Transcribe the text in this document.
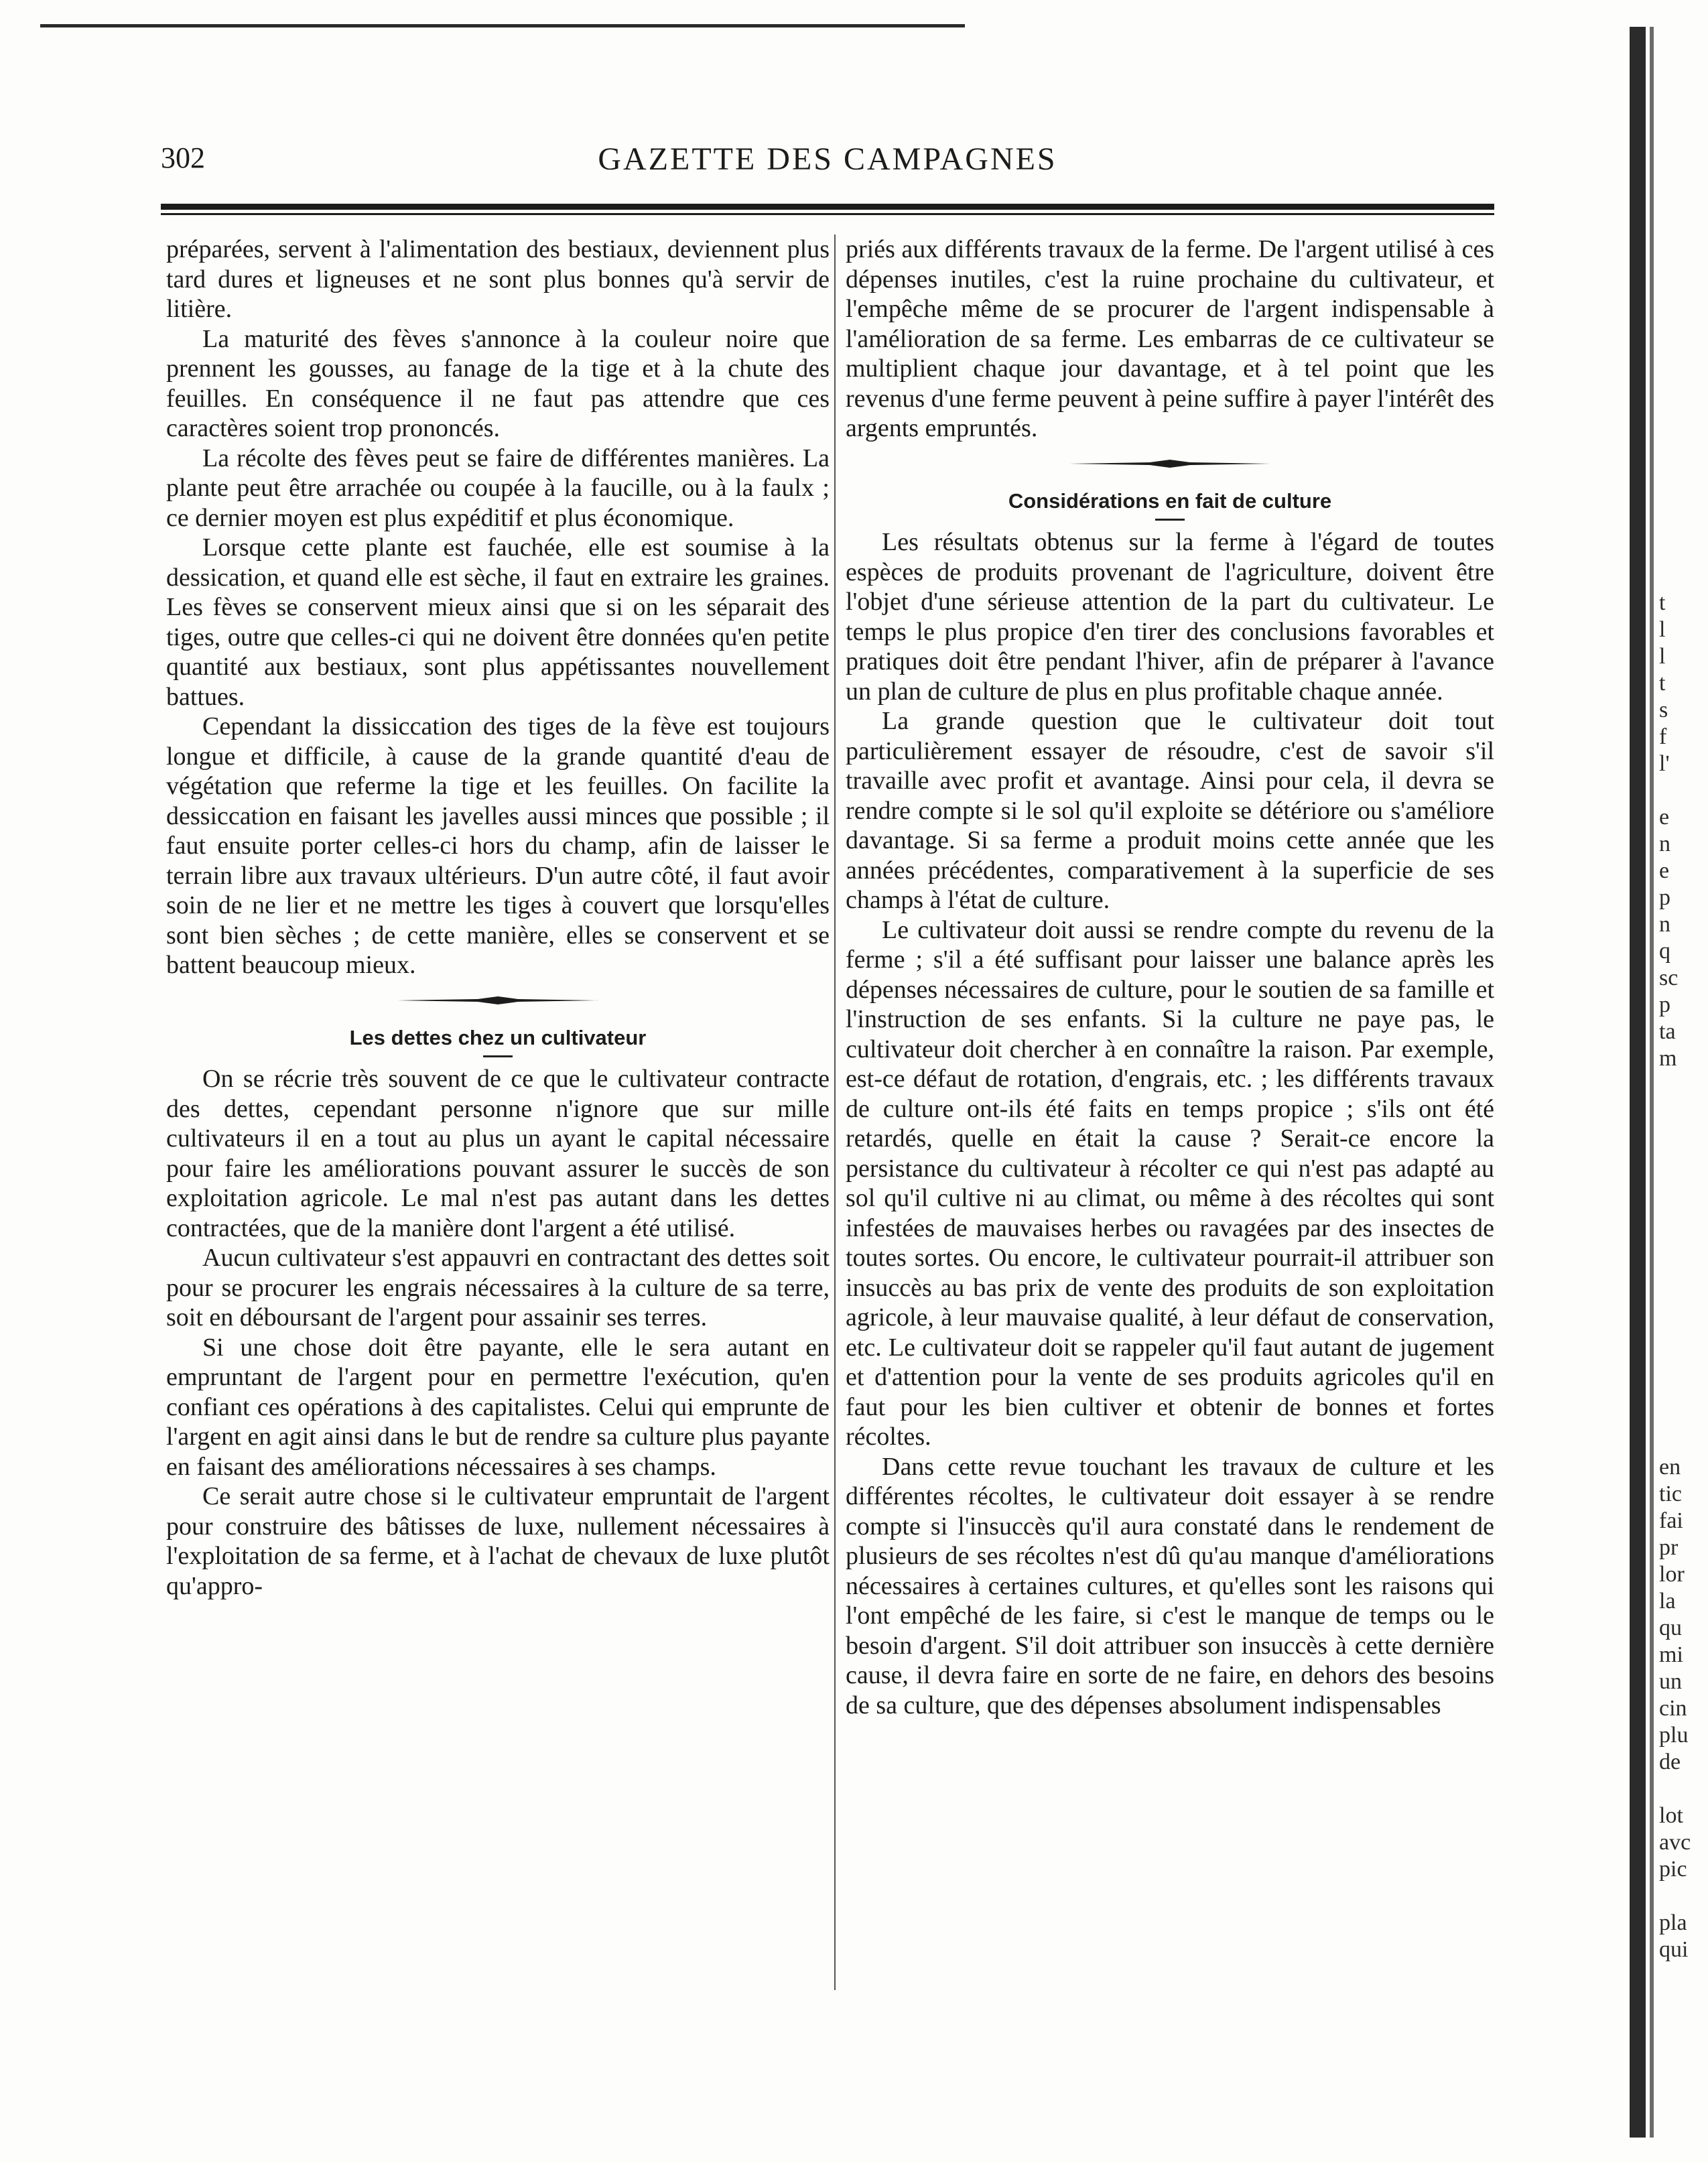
302	GAZETTE DES CAMPAGNES

préparées, servent à l'alimentation des bestiaux, deviennent plus tard dures et ligneuses et ne sont plus bonnes qu'à servir de litière.

La maturité des fèves s'annonce à la couleur noire que prennent les gousses, au fanage de la tige et à la chute des feuilles. En conséquence il ne faut pas attendre que ces caractères soient trop prononcés.

La récolte des fèves peut se faire de différentes manières. La plante peut être arrachée ou coupée à la faucille, ou à la faulx ; ce dernier moyen est plus expéditif et plus économique.

Lorsque cette plante est fauchée, elle est soumise à la dessication, et quand elle est sèche, il faut en extraire les graines. Les fèves se conservent mieux ainsi que si on les séparait des tiges, outre que celles-ci qui ne doivent être données qu'en petite quantité aux bestiaux, sont plus appétissantes nouvellement battues.

Cependant la dissiccation des tiges de la fève est toujours longue et difficile, à cause de la grande quantité d'eau de végétation que referme la tige et les feuilles. On facilite la dessiccation en faisant les javelles aussi minces que possible ; il faut ensuite porter celles-ci hors du champ, afin de laisser le terrain libre aux travaux ultérieurs. D'un autre côté, il faut avoir soin de ne lier et ne mettre les tiges à couvert que lorsqu'elles sont bien sèches ; de cette manière, elles se conservent et se battent beaucoup mieux.

Les dettes chez un cultivateur

On se récrie très souvent de ce que le cultivateur contracte des dettes, cependant personne n'ignore que sur mille cultivateurs il en a tout au plus un ayant le capital nécessaire pour faire les améliorations pouvant assurer le succès de son exploitation agricole. Le mal n'est pas autant dans les dettes contractées, que de la manière dont l'argent a été utilisé.

Aucun cultivateur s'est appauvri en contractant des dettes soit pour se procurer les engrais nécessaires à la culture de sa terre, soit en déboursant de l'argent pour assainir ses terres.

Si une chose doit être payante, elle le sera autant en empruntant de l'argent pour en permettre l'exécution, qu'en confiant ces opérations à des capitalistes. Celui qui emprunte de l'argent en agit ainsi dans le but de rendre sa culture plus payante en faisant des améliorations nécessaires à ses champs.

Ce serait autre chose si le cultivateur empruntait de l'argent pour construire des bâtisses de luxe, nullement nécessaires à l'exploitation de sa ferme, et à l'achat de chevaux de luxe plutôt qu'appro-

priés aux différents travaux de la ferme. De l'argent utilisé à ces dépenses inutiles, c'est la ruine prochaine du cultivateur, et l'empêche même de se procurer de l'argent indispensable à l'amélioration de sa ferme. Les embarras de ce cultivateur se multiplient chaque jour davantage, et à tel point que les revenus d'une ferme peuvent à peine suffire à payer l'intérêt des argents empruntés.

Considérations en fait de culture

Les résultats obtenus sur la ferme à l'égard de toutes espèces de produits provenant de l'agriculture, doivent être l'objet d'une sérieuse attention de la part du cultivateur. Le temps le plus propice d'en tirer des conclusions favorables et pratiques doit être pendant l'hiver, afin de préparer à l'avance un plan de culture de plus en plus profitable chaque année.

La grande question que le cultivateur doit tout particulièrement essayer de résoudre, c'est de savoir s'il travaille avec profit et avantage. Ainsi pour cela, il devra se rendre compte si le sol qu'il exploite se détériore ou s'améliore davantage. Si sa ferme a produit moins cette année que les années précédentes, comparativement à la superficie de ses champs à l'état de culture.

Le cultivateur doit aussi se rendre compte du revenu de la ferme ; s'il a été suffisant pour laisser une balance après les dépenses nécessaires de culture, pour le soutien de sa famille et l'instruction de ses enfants. Si la culture ne paye pas, le cultivateur doit chercher à en connaître la raison. Par exemple, est-ce défaut de rotation, d'engrais, etc. ; les différents travaux de culture ont-ils été faits en temps propice ; s'ils ont été retardés, quelle en était la cause ? Serait-ce encore la persistance du cultivateur à récolter ce qui n'est pas adapté au sol qu'il cultive ni au climat, ou même à des récoltes qui sont infestées de mauvaises herbes ou ravagées par des insectes de toutes sortes. Ou encore, le cultivateur pourrait-il attribuer son insuccès au bas prix de vente des produits de son exploitation agricole, à leur mauvaise qualité, à leur défaut de conservation, etc. Le cultivateur doit se rappeler qu'il faut autant de jugement et d'attention pour la vente de ses produits agricoles qu'il en faut pour les bien cultiver et obtenir de bonnes et fortes récoltes.

Dans cette revue touchant les travaux de culture et les différentes récoltes, le cultivateur doit essayer à se rendre compte si l'insuccès qu'il aura constaté dans le rendement de plusieurs de ses récoltes n'est dû qu'au manque d'améliorations nécessaires à certaines cultures, et qu'elles sont les raisons qui l'ont empêché de les faire, si c'est le manque de temps ou le besoin d'argent. S'il doit attribuer son insuccès à cette dernière cause, il devra faire en sorte de ne faire, en dehors des besoins de sa culture, que des dépenses absolument indispensables

t
l
l
t
s
f
l'

e
n
e
p
n
q
sc
p
ta
m
en
tic
fai
pr
lor
la
qu
mi
un
cin
plu
de

lot
avc
pic

pla
qui
